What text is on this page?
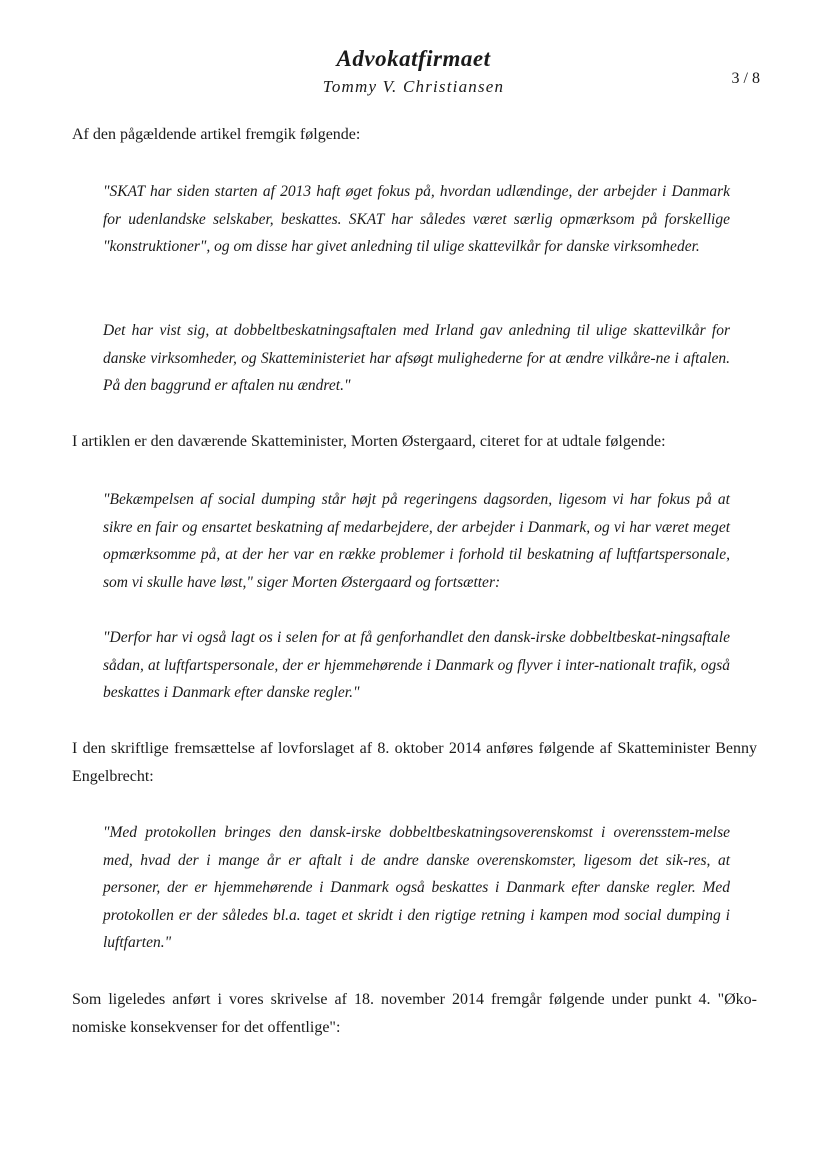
Advokatfirmaet
Tommy V. Christiansen	3 / 8

Af den pågældende artikel fremgik følgende:

"SKAT har siden starten af 2013 haft øget fokus på, hvordan udlændinge, der arbejder i Danmark for udenlandske selskaber, beskattes. SKAT har således været særlig opmærksom på forskellige "konstruktioner", og om disse har givet anledning til ulige skattevilkår for danske virksomheder.

Det har vist sig, at dobbeltbeskatningsaftalen med Irland gav anledning til ulige skattevilkår for danske virksomheder, og Skatteministeriet har afsøgt mulighederne for at ændre vilkåre-ne i aftalen. På den baggrund er aftalen nu ændret."

I artiklen er den daværende Skatteminister, Morten Østergaard, citeret for at udtale følgende:

"Bekæmpelsen af social dumping står højt på regeringens dagsorden, ligesom vi har fokus på at sikre en fair og ensartet beskatning af medarbejdere, der arbejder i Danmark, og vi har været meget opmærksomme på, at der her var en række problemer i forhold til beskatning af luftfartspersonale, som vi skulle have løst," siger Morten Østergaard og fortsætter:

"Derfor har vi også lagt os i selen for at få genforhandlet den dansk-irske dobbeltbeskat-ningsaftale sådan, at luftfartspersonale, der er hjemmehørende i Danmark og flyver i inter-nationalt trafik, også beskattes i Danmark efter danske regler."

I den skriftlige fremsættelse af lovforslaget af 8. oktober 2014 anføres følgende af Skatteminister Benny Engelbrecht:

"Med protokollen bringes den dansk-irske dobbeltbeskatningsoverenskomst i overensstem-melse med, hvad der i mange år er aftalt i de andre danske overenskomster, ligesom det sik-res, at personer, der er hjemmehørende i Danmark også beskattes i Danmark efter danske regler. Med protokollen er der således bl.a. taget et skridt i den rigtige retning i kampen mod social dumping i luftfarten."

Som ligeledes anført i vores skrivelse af 18. november 2014 fremgår følgende under punkt 4. "Øko-nomiske konsekvenser for det offentlige":
